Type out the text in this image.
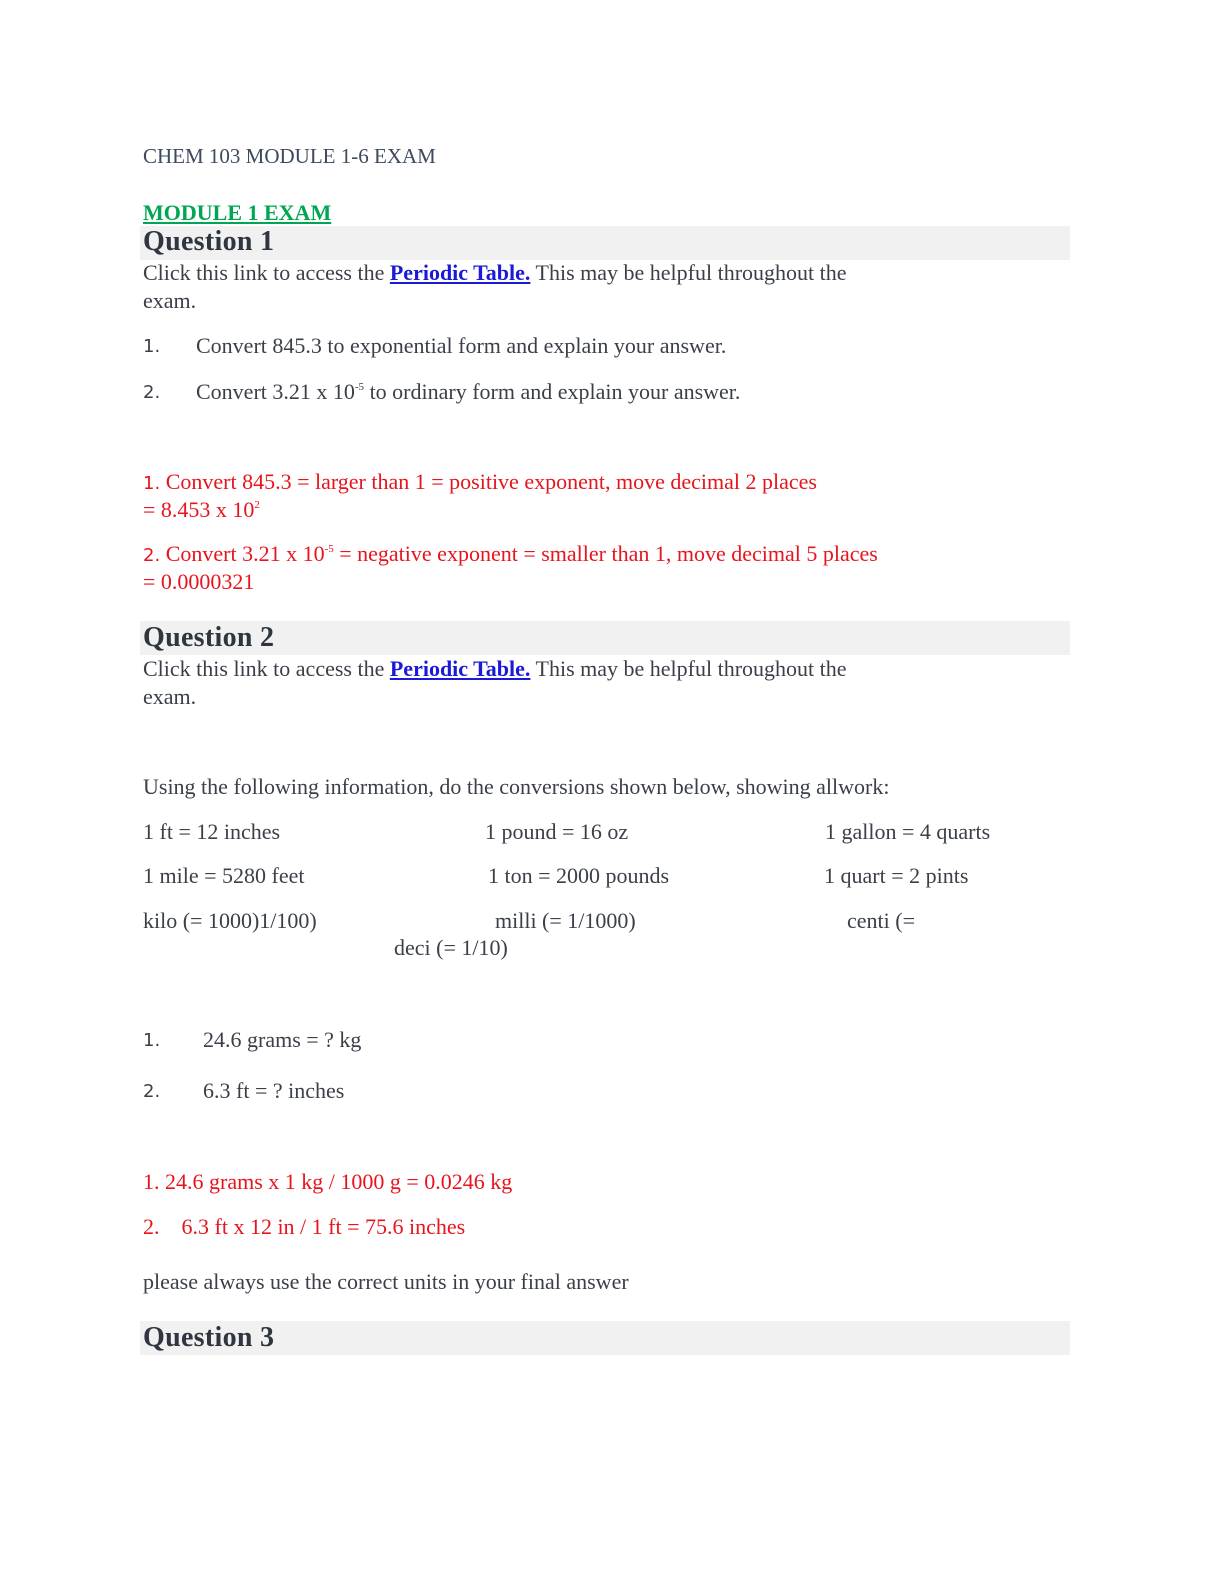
CHEM 103 MODULE 1-6 EXAM
MODULE 1 EXAM
Question 1
Click this link to access the Periodic Table. This may be helpful throughout the
exam.
1. Convert 845.3 to exponential form and explain your answer.
2. Convert 3.21 x $10^{-5}$ to ordinary form and explain your answer.
1. Convert 845.3 = larger than 1 = positive exponent, move decimal 2 places
= 8.453 x $10^2$
2. Convert 3.21 x $10^{-5}$ = negative exponent = smaller than 1, move decimal 5 places
= 0.0000321
Question 2
Click this link to access the Periodic Table. This may be helpful throughout the
exam.
Using the following information, do the conversions shown below, showing allwork:
1 ft = 12 inches	1 pound = 16 oz	1 gallon = 4 quarts
1 mile = 5280 feet	1 ton = 2000 pounds	1 quart = 2 pints
kilo (= 1000)1/100)	milli (= 1/1000)	centi (=
deci (= 1/10)
1. 24.6 grams = ? kg
2. 6.3 ft = ? inches
1. 24.6 grams x 1 kg / 1000 g = 0.0246 kg
2.    6.3 ft x 12 in / 1 ft = 75.6 inches
please always use the correct units in your final answer
Question 3
